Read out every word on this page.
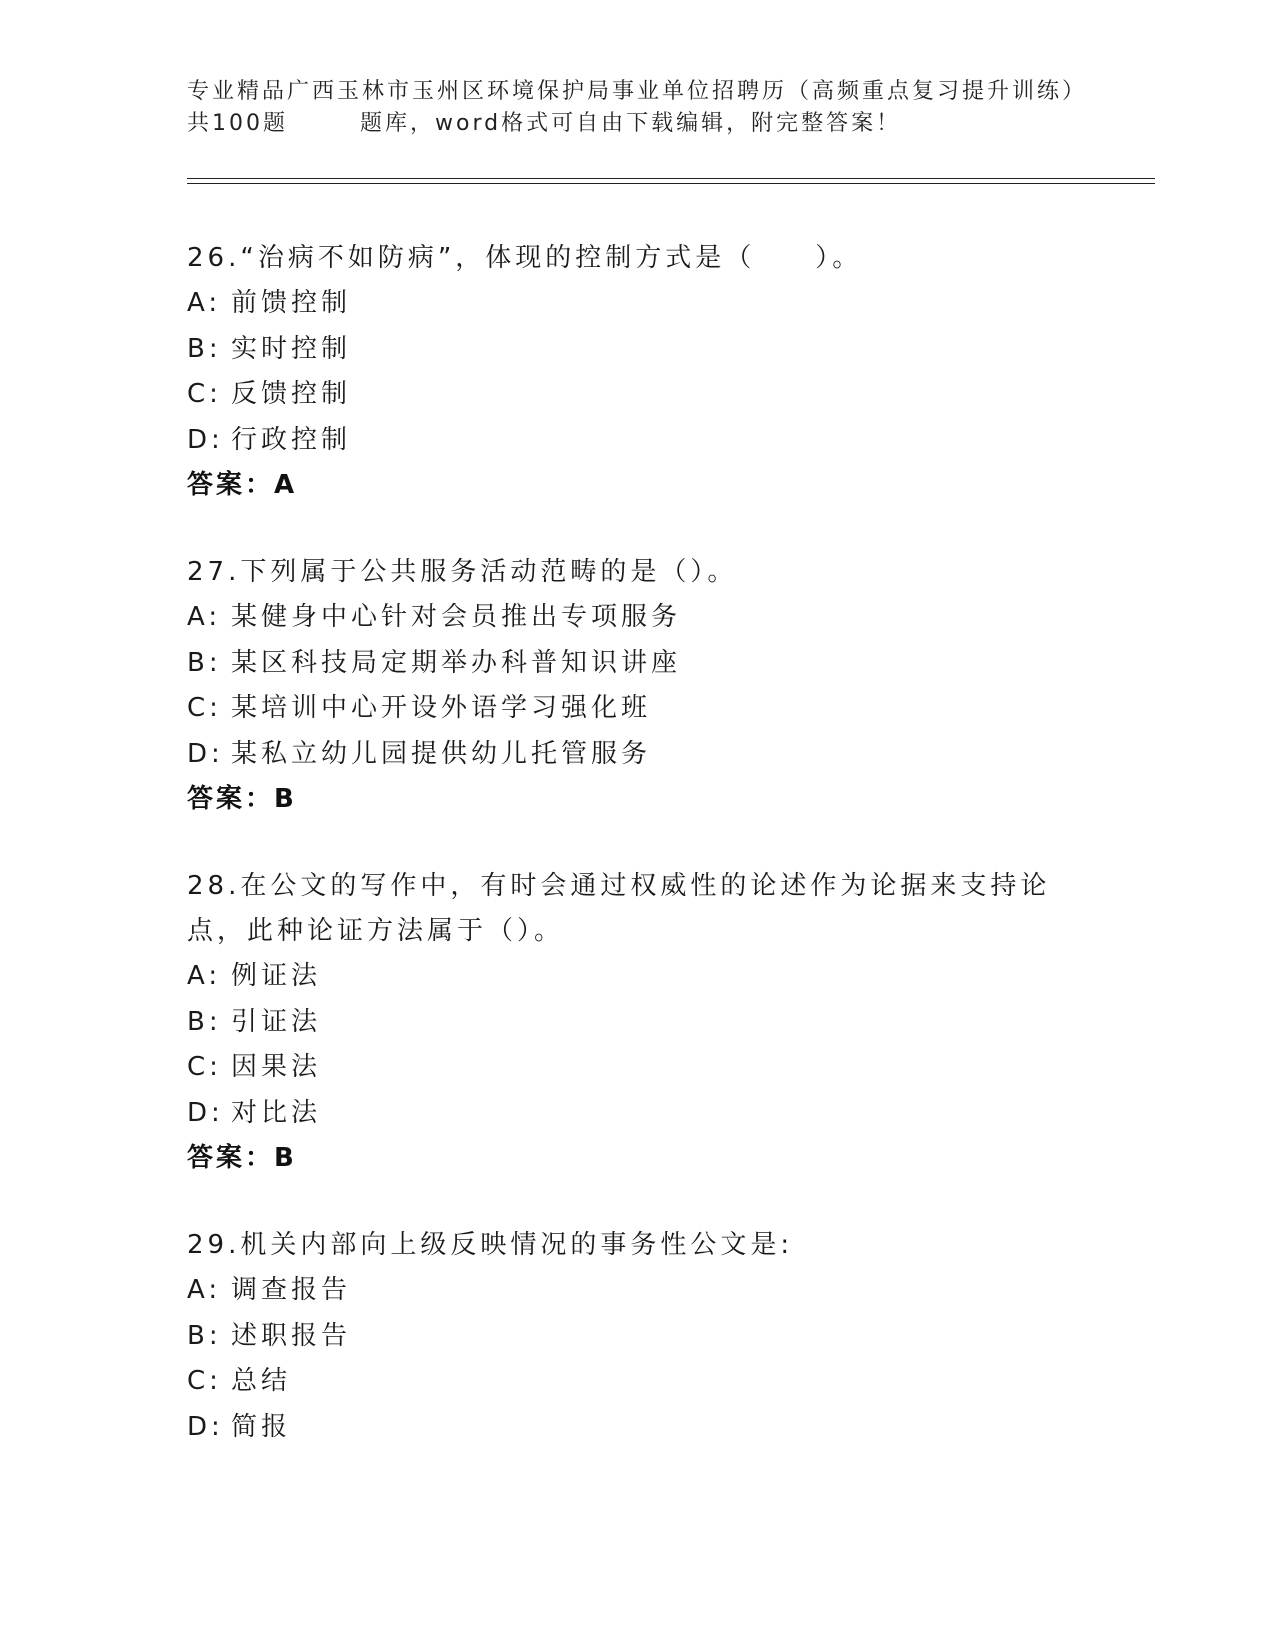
专业精品广西玉林市玉州区环境保护局事业单位招聘历（高频重点复习提升训练）
共100题	题库，word格式可自由下载编辑，附完整答案！
26.“治病不如防病”，体现的控制方式是（　　）。
A: 前馈控制
B: 实时控制
C: 反馈控制
D: 行政控制
答案：A
27.下列属于公共服务活动范畴的是（）。
A: 某健身中心针对会员推出专项服务
B: 某区科技局定期举办科普知识讲座
C: 某培训中心开设外语学习强化班
D: 某私立幼儿园提供幼儿托管服务
答案：B
28.在公文的写作中，有时会通过权威性的论述作为论据来支持论点，此种论证方法属于（）。
A: 例证法
B: 引证法
C: 因果法
D: 对比法
答案：B
29.机关内部向上级反映情况的事务性公文是:
A: 调查报告
B: 述职报告
C: 总结
D: 简报
